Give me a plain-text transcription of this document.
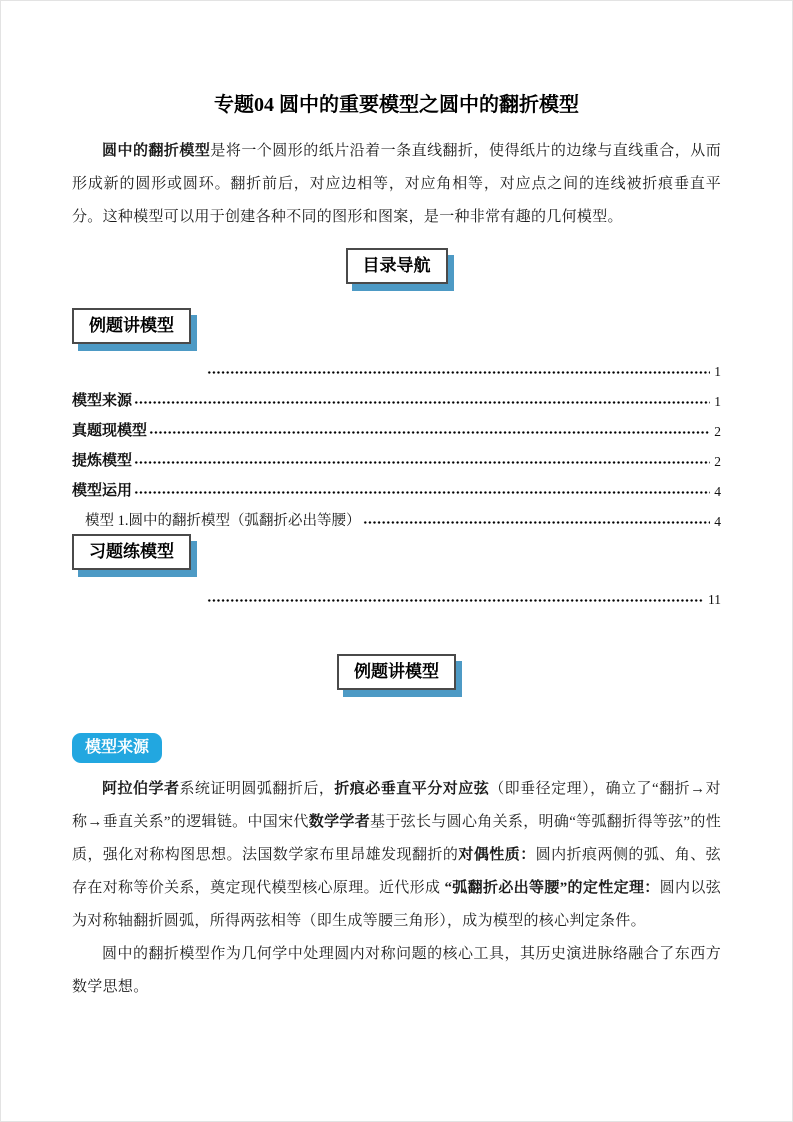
专题04 圆中的重要模型之圆中的翻折模型

圆中的翻折模型是将一个圆形的纸片沿着一条直线翻折，使得纸片的边缘与直线重合，从而形成新的圆形或圆环。翻折前后，对应边相等，对应角相等，对应点之间的连线被折痕垂直平分。这种模型可以用于创建各种不同的图形和图案，是一种非常有趣的几何模型。

目录导航
例题讲模型
1
模型来源	1
真题现模型	2
提炼模型	2
模型运用	4
模型 1.圆中的翻折模型（弧翻折必出等腰）	4
习题练模型
11
例题讲模型
模型来源

阿拉伯学者系统证明圆弧翻折后，折痕必垂直平分对应弦（即垂径定理），确立了“翻折→对称→垂直关系”的逻辑链。中国宋代数学学者基于弦长与圆心角关系，明确“等弧翻折得等弦”的性质，强化对称构图思想。法国数学家布里昂雄发现翻折的对偶性质：圆内折痕两侧的弧、角、弦存在对称等价关系，奠定现代模型核心原理。近代形成 “弧翻折必出等腰”的定性定理：圆内以弦为对称轴翻折圆弧，所得两弦相等（即生成等腰三角形），成为模型的核心判定条件。

圆中的翻折模型作为几何学中处理圆内对称问题的核心工具，其历史演进脉络融合了东西方数学思想。
